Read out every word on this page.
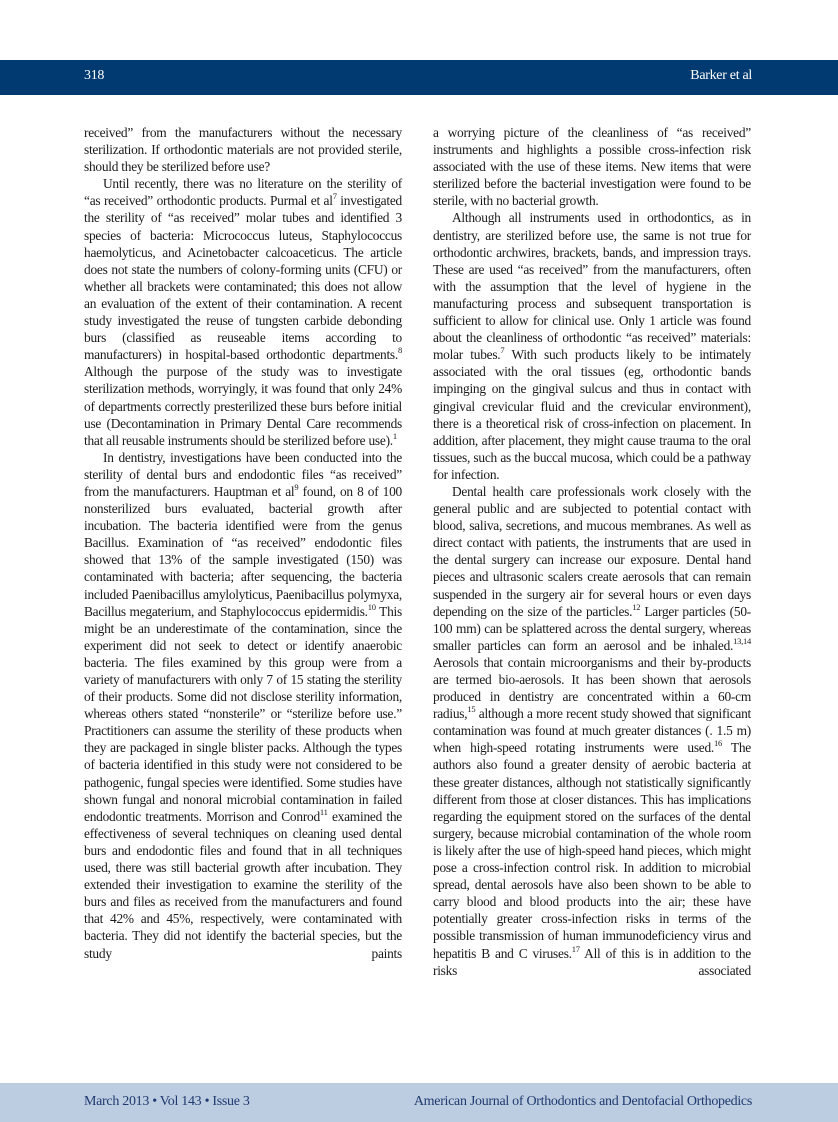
318	Barker et al

received” from the manufacturers without the necessary sterilization. If orthodontic materials are not provided sterile, should they be sterilized before use?

Until recently, there was no literature on the sterility of “as received” orthodontic products. Purmal et $al^7$ investigated the sterility of “as received” molar tubes and identified 3 species of bacteria: Micrococcus luteus, Staphylococcus haemolyticus, and Acinetobacter calcoaceticus. The article does not state the numbers of colony-forming units (CFU) or whether all brackets were contaminated; this does not allow an evaluation of the extent of their contamination. A recent study investigated the reuse of tungsten carbide debonding burs (classified as reuseable items according to manufacturers) in hospital-based orthodontic departments.$^8$ Although the purpose of the study was to investigate sterilization methods, worryingly, it was found that only 24% of departments correctly presterilized these burs before initial use (Decontamination in Primary Dental Care recommends that all reusable instruments should be sterilized before use).$^1$

In dentistry, investigations have been conducted into the sterility of dental burs and endodontic files “as received” from the manufacturers. Hauptman et $al^9$ found, on 8 of 100 nonsterilized burs evaluated, bacterial growth after incubation. The bacteria identified were from the genus Bacillus. Examination of “as received” endodontic files showed that 13% of the sample investigated (150) was contaminated with bacteria; after sequencing, the bacteria included Paenibacillus amylolyticus, Paenibacillus polymyxa, Bacillus megaterium, and Staphylococcus epidermidis.$^{10}$ This might be an underestimate of the contamination, since the experiment did not seek to detect or identify anaerobic bacteria. The files examined by this group were from a variety of manufacturers with only 7 of 15 stating the sterility of their products. Some did not disclose sterility information, whereas others stated “nonsterile” or “sterilize before use.” Practitioners can assume the sterility of these products when they are packaged in single blister packs. Although the types of bacteria identified in this study were not considered to be pathogenic, fungal species were identified. Some studies have shown fungal and nonoral microbial contamination in failed endodontic treatments. Morrison and Conrod$^{11}$ examined the effectiveness of several techniques on cleaning used dental burs and endodontic files and found that in all techniques used, there was still bacterial growth after incubation. They extended their investigation to examine the sterility of the burs and files as received from the manufacturers and found that 42% and 45%, respectively, were contaminated with bacteria. They did not identify the bacterial species, but the study paints

a worrying picture of the cleanliness of “as received” instruments and highlights a possible cross-infection risk associated with the use of these items. New items that were sterilized before the bacterial investigation were found to be sterile, with no bacterial growth.

Although all instruments used in orthodontics, as in dentistry, are sterilized before use, the same is not true for orthodontic archwires, brackets, bands, and impression trays. These are used “as received” from the manufacturers, often with the assumption that the level of hygiene in the manufacturing process and subsequent transportation is sufficient to allow for clinical use. Only 1 article was found about the cleanliness of orthodontic “as received” materials: molar tubes.$^7$ With such products likely to be intimately associated with the oral tissues (eg, orthodontic bands impinging on the gingival sulcus and thus in contact with gingival crevicular fluid and the crevicular environment), there is a theoretical risk of cross-infection on placement. In addition, after placement, they might cause trauma to the oral tissues, such as the buccal mucosa, which could be a pathway for infection.

Dental health care professionals work closely with the general public and are subjected to potential contact with blood, saliva, secretions, and mucous membranes. As well as direct contact with patients, the instruments that are used in the dental surgery can increase our exposure. Dental hand pieces and ultrasonic scalers create aerosols that can remain suspended in the surgery air for several hours or even days depending on the size of the particles.$^{12}$ Larger particles (50-100 mm) can be splattered across the dental surgery, whereas smaller particles can form an aerosol and be inhaled.$^{13,14}$ Aerosols that contain microorganisms and their by-products are termed bio-aerosols. It has been shown that aerosols produced in dentistry are concentrated within a 60-cm radius,$^{15}$ although a more recent study showed that significant contamination was found at much greater distances (. 1.5 m) when high-speed rotating instruments were used.$^{16}$ The authors also found a greater density of aerobic bacteria at these greater distances, although not statistically significantly different from those at closer distances. This has implications regarding the equipment stored on the surfaces of the dental surgery, because microbial contamination of the whole room is likely after the use of high-speed hand pieces, which might pose a cross-infection control risk. In addition to microbial spread, dental aerosols have also been shown to be able to carry blood and blood products into the air; these have potentially greater cross-infection risks in terms of the possible transmission of human immunodeficiency virus and hepatitis B and C viruses.$^{17}$ All of this is in addition to the risks associated

March 2013 • Vol 143 • Issue 3	American Journal of Orthodontics and Dentofacial Orthopedics
